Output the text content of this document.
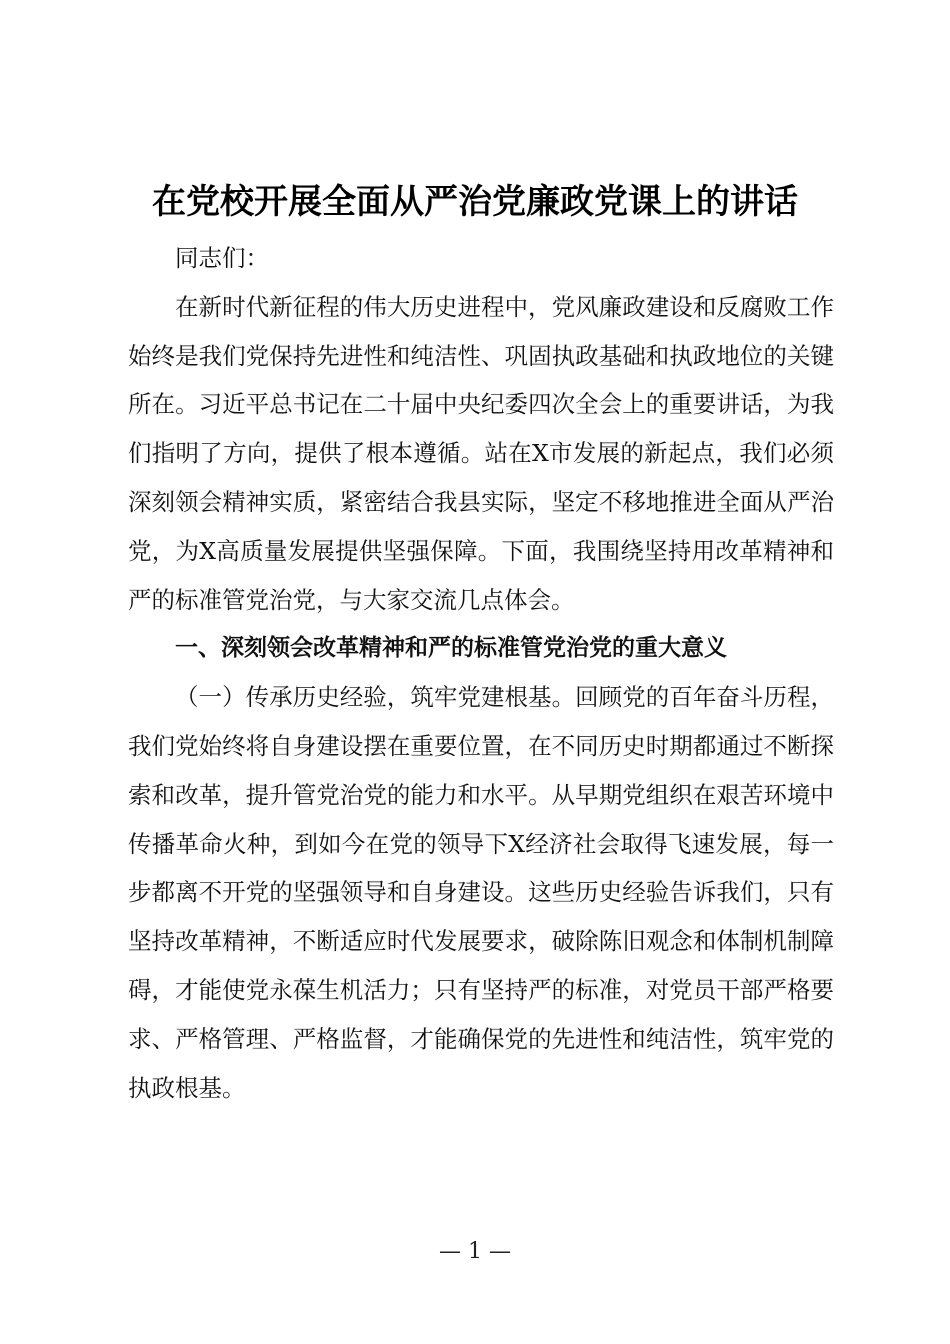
在党校开展全面从严治党廉政党课上的讲话

同志们：

在新时代新征程的伟大历史进程中，党风廉政建设和反腐败工作始终是我们党保持先进性和纯洁性、巩固执政基础和执政地位的关键所在。习近平总书记在二十届中央纪委四次全会上的重要讲话，为我们指明了方向，提供了根本遵循。站在X市发展的新起点，我们必须深刻领会精神实质，紧密结合我县实际，坚定不移地推进全面从严治党，为X高质量发展提供坚强保障。下面，我围绕坚持用改革精神和严的标准管党治党，与大家交流几点体会。

一、深刻领会改革精神和严的标准管党治党的重大意义

（一）传承历史经验，筑牢党建根基。回顾党的百年奋斗历程，我们党始终将自身建设摆在重要位置，在不同历史时期都通过不断探索和改革，提升管党治党的能力和水平。从早期党组织在艰苦环境中传播革命火种，到如今在党的领导下X经济社会取得飞速发展，每一步都离不开党的坚强领导和自身建设。这些历史经验告诉我们，只有坚持改革精神，不断适应时代发展要求，破除陈旧观念和体制机制障碍，才能使党永葆生机活力；只有坚持严的标准，对党员干部严格要求、严格管理、严格监督，才能确保党的先进性和纯洁性，筑牢党的执政根基。

— 1 —
